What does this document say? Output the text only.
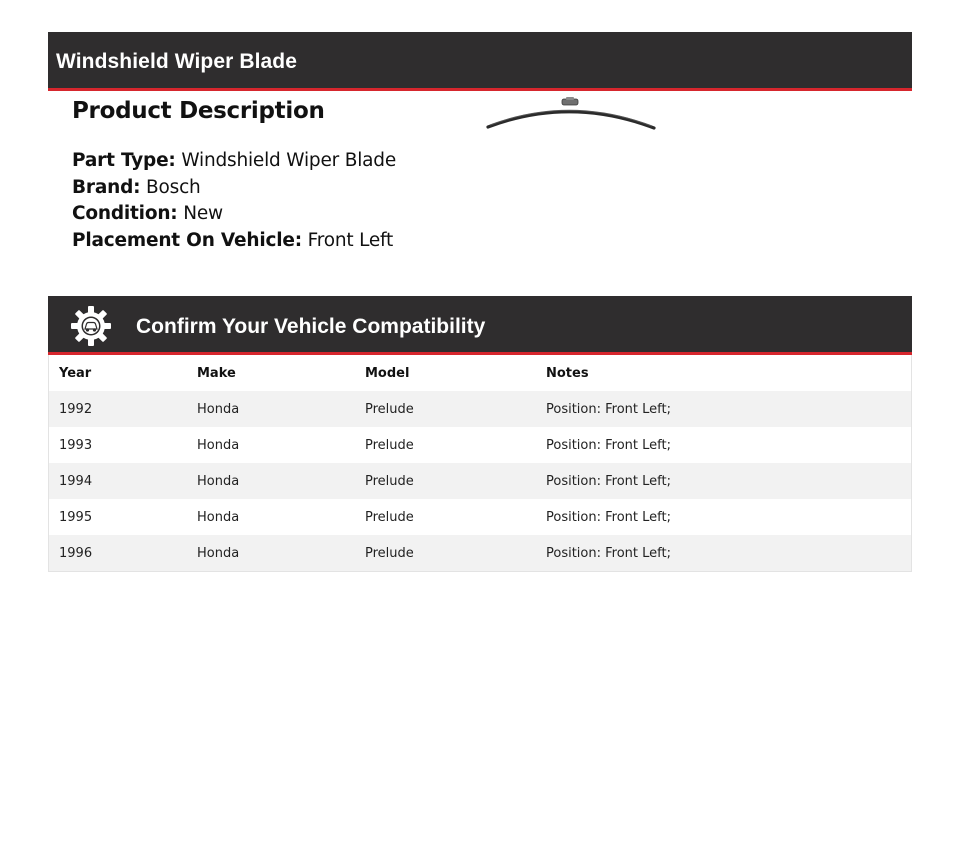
Windshield Wiper Blade
Product Description
Part Type: Windshield Wiper Blade
Brand: Bosch
Condition: New
Placement On Vehicle: Front Left
Confirm Your Vehicle Compatibility
Year	Make	Model	Notes
1992	Honda	Prelude	Position: Front Left;
1993	Honda	Prelude	Position: Front Left;
1994	Honda	Prelude	Position: Front Left;
1995	Honda	Prelude	Position: Front Left;
1996	Honda	Prelude	Position: Front Left;
